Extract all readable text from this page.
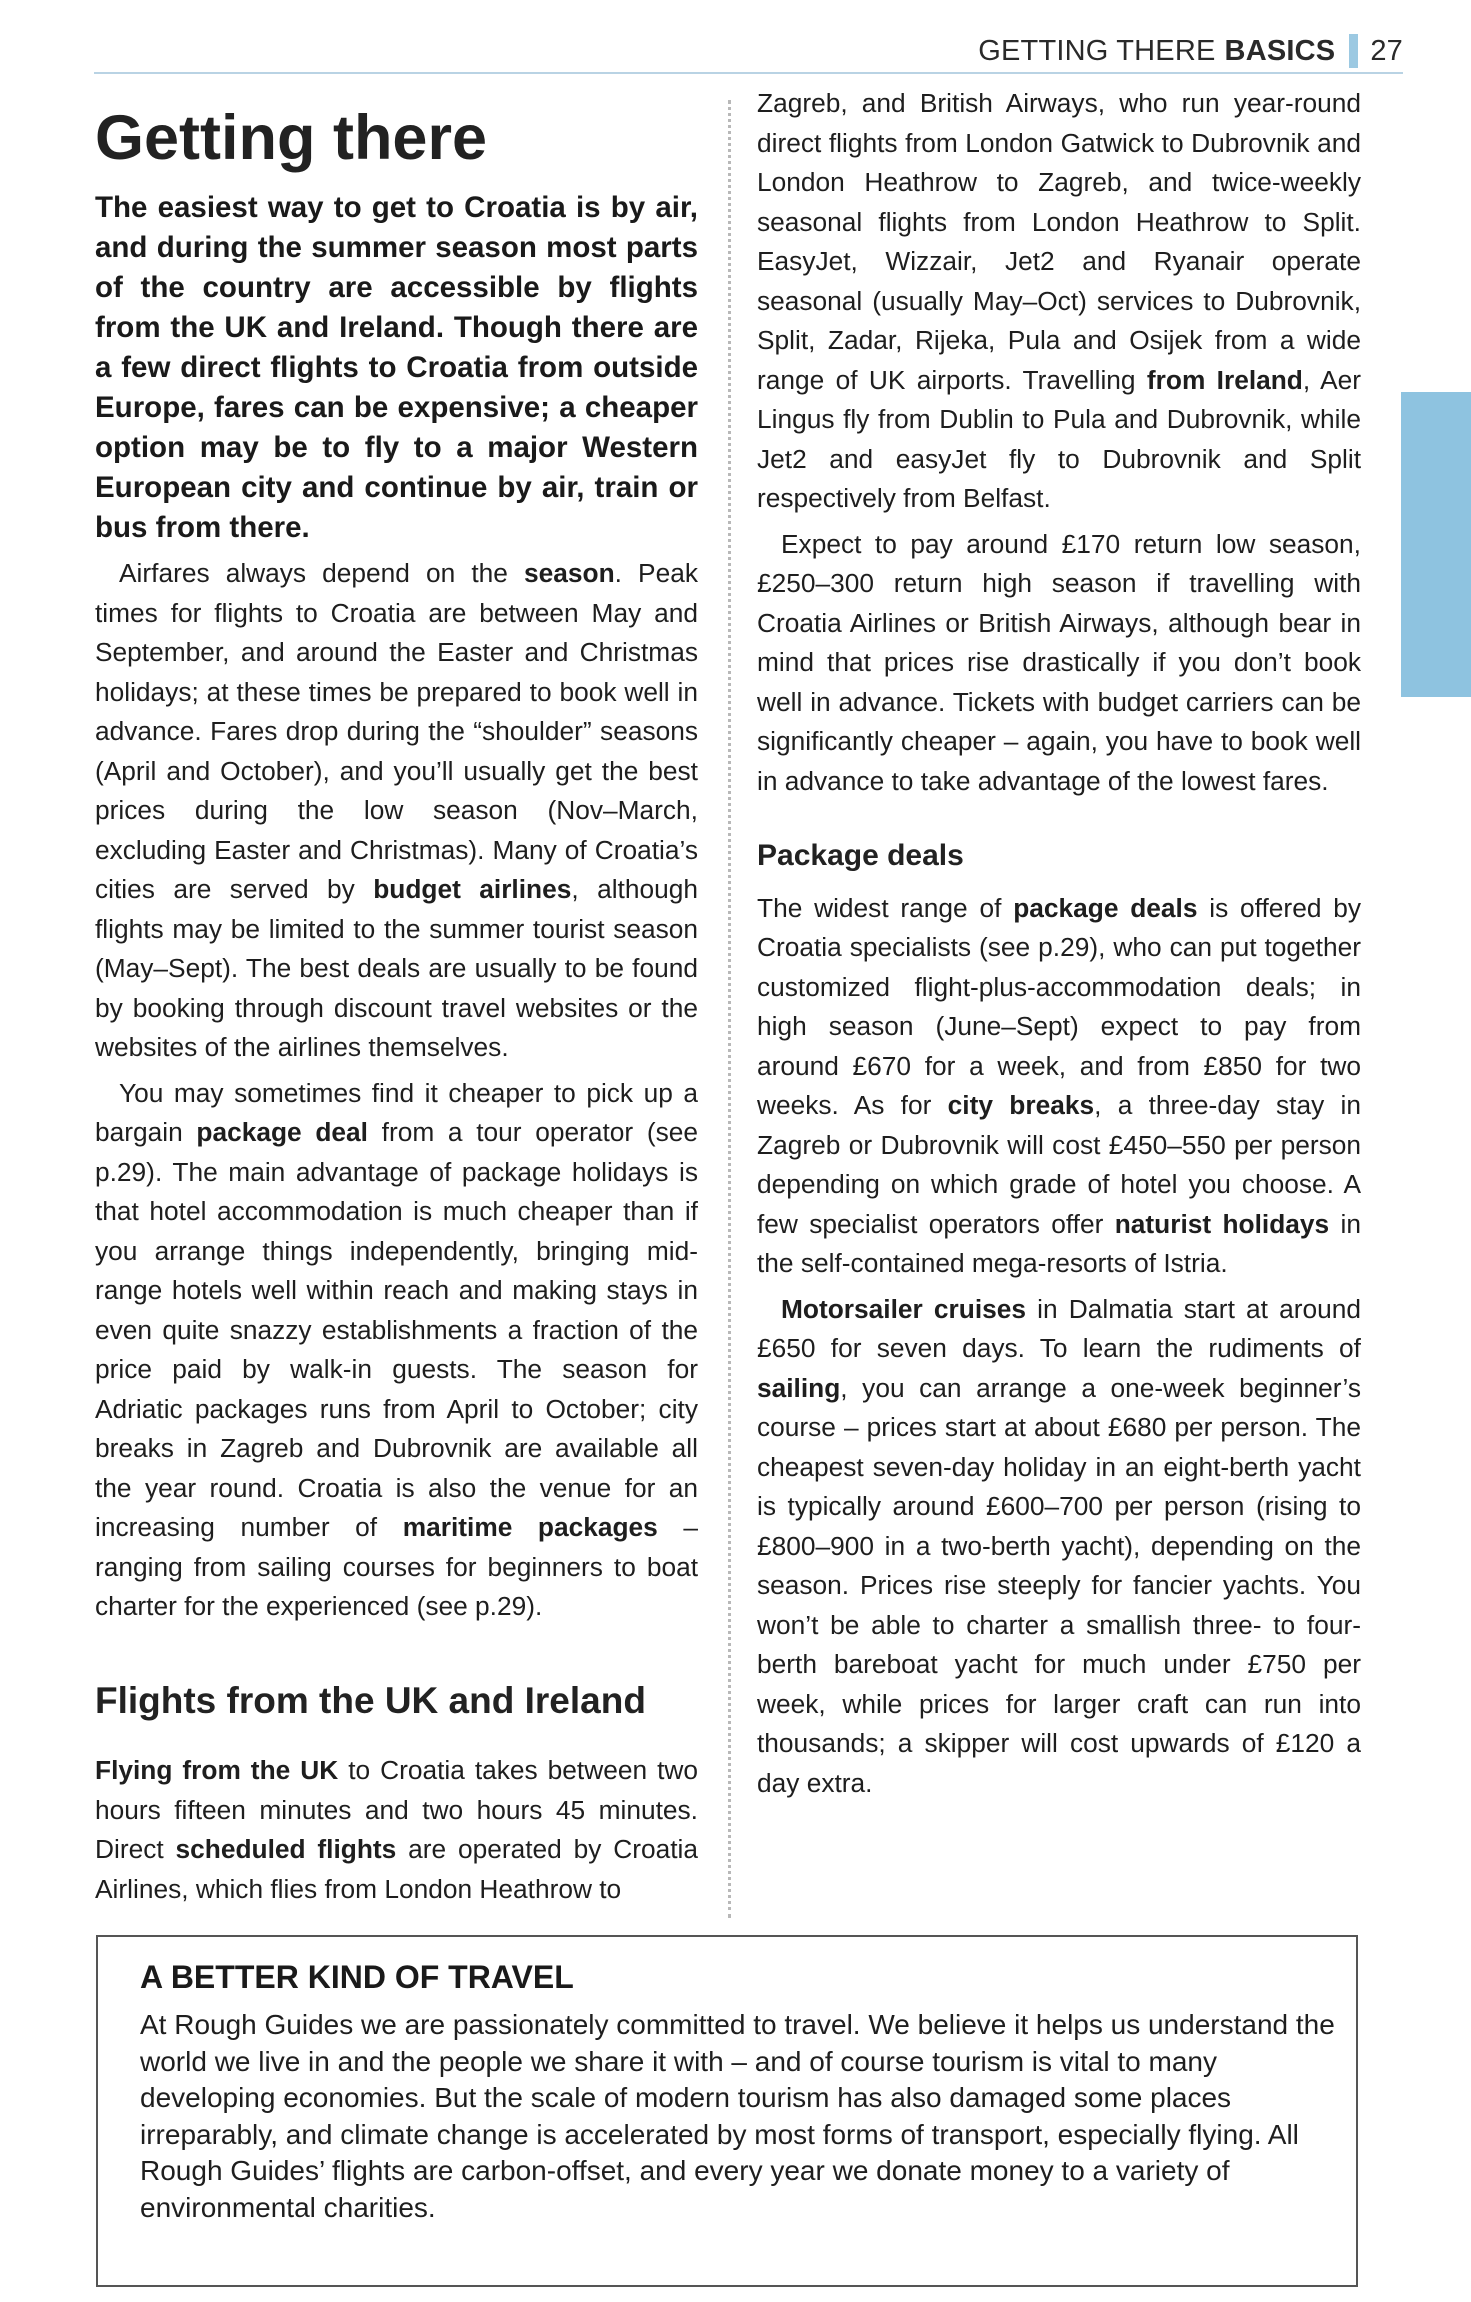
GETTING THERE BASICS 27
Getting there

The easiest way to get to Croatia is by air, and during the summer season most parts of the country are accessible by flights from the UK and Ireland. Though there are a few direct flights to Croatia from outside Europe, fares can be expensive; a cheaper option may be to fly to a major Western European city and continue by air, train or bus from there.

Airfares always depend on the season. Peak times for flights to Croatia are between May and September, and around the Easter and Christmas holidays; at these times be prepared to book well in advance. Fares drop during the “shoulder” seasons (April and October), and you’ll usually get the best prices during the low season (Nov–March, excluding Easter and Christmas). Many of Croatia’s cities are served by budget airlines, although flights may be limited to the summer tourist season (May–Sept). The best deals are usually to be found by booking through discount travel websites or the websites of the airlines themselves.

You may sometimes find it cheaper to pick up a bargain package deal from a tour operator (see p.29). The main advantage of package holidays is that hotel accommodation is much cheaper than if you arrange things independently, bringing mid-range hotels well within reach and making stays in even quite snazzy establishments a fraction of the price paid by walk-in guests. The season for Adriatic packages runs from April to October; city breaks in Zagreb and Dubrovnik are available all the year round. Croatia is also the venue for an increasing number of maritime packages – ranging from sailing courses for beginners to boat charter for the experienced (see p.29).

Flights from the UK and Ireland

Flying from the UK to Croatia takes between two hours fifteen minutes and two hours 45 minutes. Direct scheduled flights are operated by Croatia Airlines, which flies from London Heathrow to

Zagreb, and British Airways, who run year-round direct flights from London Gatwick to Dubrovnik and London Heathrow to Zagreb, and twice-weekly seasonal flights from London Heathrow to Split. EasyJet, Wizzair, Jet2 and Ryanair operate seasonal (usually May–Oct) services to Dubrovnik, Split, Zadar, Rijeka, Pula and Osijek from a wide range of UK airports. Travelling from Ireland, Aer Lingus fly from Dublin to Pula and Dubrovnik, while Jet2 and easyJet fly to Dubrovnik and Split respectively from Belfast.

Expect to pay around £170 return low season, £250–300 return high season if travelling with Croatia Airlines or British Airways, although bear in mind that prices rise drastically if you don’t book well in advance. Tickets with budget carriers can be significantly cheaper – again, you have to book well in advance to take advantage of the lowest fares.

Package deals

The widest range of package deals is offered by Croatia specialists (see p.29), who can put together customized flight-plus-accommodation deals; in high season (June–Sept) expect to pay from around £670 for a week, and from £850 for two weeks. As for city breaks, a three-day stay in Zagreb or Dubrovnik will cost £450–550 per person depending on which grade of hotel you choose. A few specialist operators offer naturist holidays in the self-contained mega-resorts of Istria.

Motorsailer cruises in Dalmatia start at around £650 for seven days. To learn the rudiments of sailing, you can arrange a one-week beginner’s course – prices start at about £680 per person. The cheapest seven-day holiday in an eight-berth yacht is typically around £600–700 per person (rising to £800–900 in a two-berth yacht), depending on the season. Prices rise steeply for fancier yachts. You won’t be able to charter a smallish three- to four-berth bareboat yacht for much under £750 per week, while prices for larger craft can run into thousands; a skipper will cost upwards of £120 a day extra.

A BETTER KIND OF TRAVEL
At Rough Guides we are passionately committed to travel. We believe it helps us understand the world we live in and the people we share it with – and of course tourism is vital to many developing economies. But the scale of modern tourism has also damaged some places irreparably, and climate change is accelerated by most forms of transport, especially flying. All Rough Guides’ flights are carbon-offset, and every year we donate money to a variety of environmental charities.
